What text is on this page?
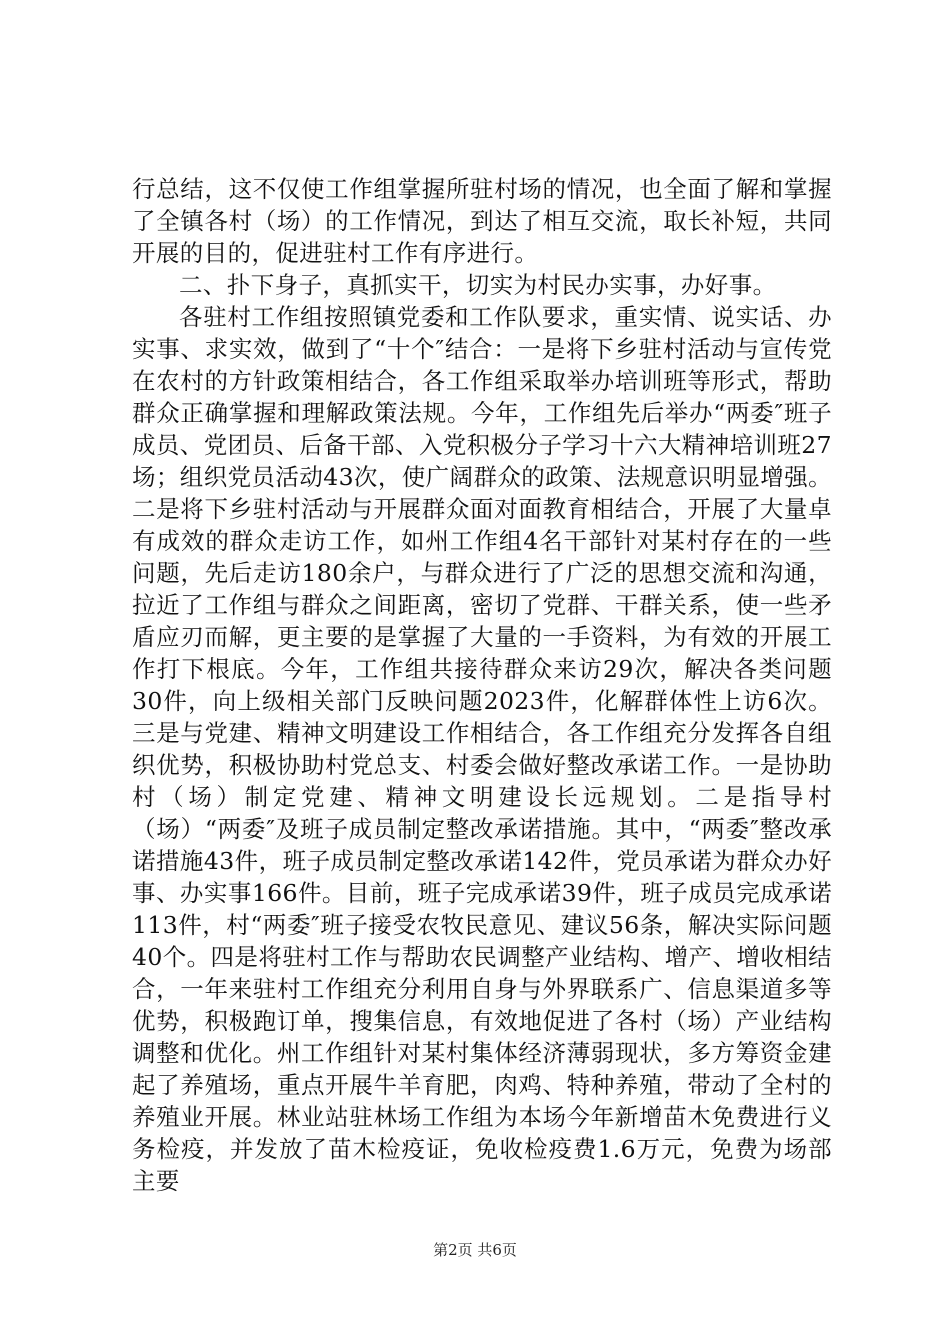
行总结，这不仅使工作组掌握所驻村场的情况，也全面了解和掌握了全镇各村（场）的工作情况，到达了相互交流，取长补短，共同开展的目的，促进驻村工作有序进行。

二、扑下身子，真抓实干，切实为村民办实事，办好事。

各驻村工作组按照镇党委和工作队要求，重实情、说实话、办实事、求实效，做到了“十个″结合：一是将下乡驻村活动与宣传党在农村的方针政策相结合，各工作组采取举办培训班等形式，帮助群众正确掌握和理解政策法规。今年，工作组先后举办“两委″班子成员、党团员、后备干部、入党积极分子学习十六大精神培训班27场；组织党员活动43次，使广阔群众的政策、法规意识明显增强。二是将下乡驻村活动与开展群众面对面教育相结合，开展了大量卓有成效的群众走访工作，如州工作组4名干部针对某村存在的一些问题，先后走访180余户，与群众进行了广泛的思想交流和沟通，拉近了工作组与群众之间距离，密切了党群、干群关系，使一些矛盾应刃而解，更主要的是掌握了大量的一手资料，为有效的开展工作打下根底。今年，工作组共接待群众来访29次，解决各类问题30件，向上级相关部门反映问题2023件，化解群体性上访6次。三是与党建、精神文明建设工作相结合，各工作组充分发挥各自组织优势，积极协助村党总支、村委会做好整改承诺工作。一是协助村（场）制定党建、精神文明建设长远规划。二是指导村（场）“两委″及班子成员制定整改承诺措施。其中，“两委″整改承诺措施43件，班子成员制定整改承诺142件，党员承诺为群众办好事、办实事166件。目前，班子完成承诺39件，班子成员完成承诺113件，村“两委″班子接受农牧民意见、建议56条，解决实际问题40个。四是将驻村工作与帮助农民调整产业结构、增产、增收相结合，一年来驻村工作组充分利用自身与外界联系广、信息渠道多等优势，积极跑订单，搜集信息，有效地促进了各村（场）产业结构调整和优化。州工作组针对某村集体经济薄弱现状，多方筹资金建起了养殖场，重点开展牛羊育肥，肉鸡、特种养殖，带动了全村的养殖业开展。林业站驻林场工作组为本场今年新增苗木免费进行义务检疫，并发放了苗木检疫证，免收检疫费1.6万元，免费为场部主要

第2页 共6页
